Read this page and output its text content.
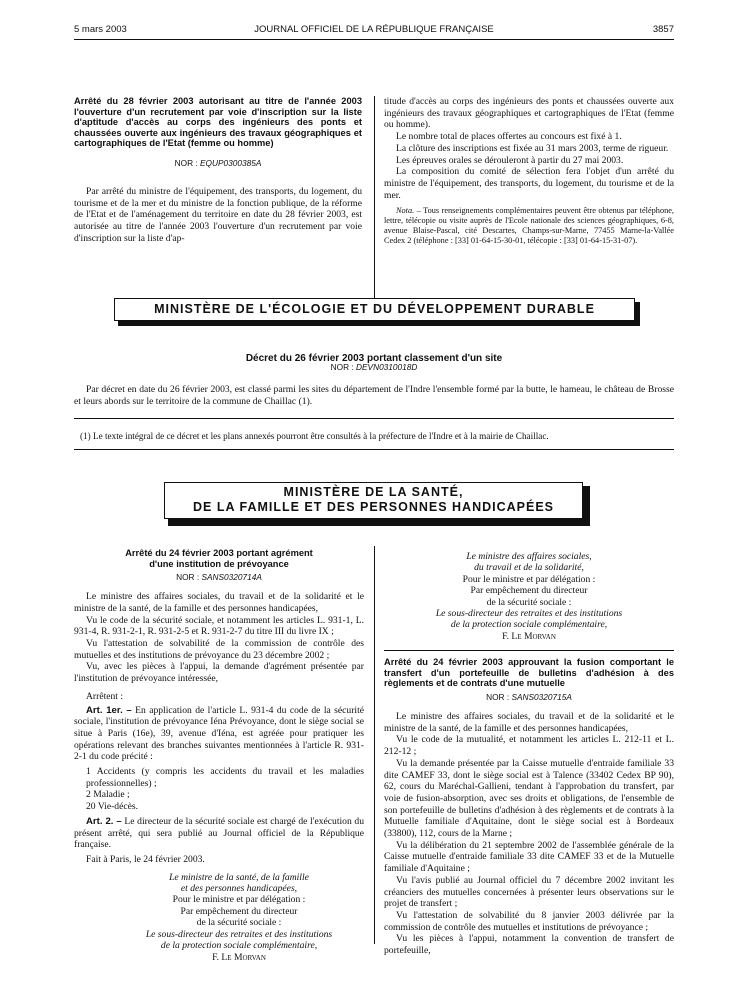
5 mars 2003	JOURNAL OFFICIEL DE LA RÉPUBLIQUE FRANÇAISE	3857

Arrêté du 28 février 2003 autorisant au titre de l'année 2003 l'ouverture d'un recrutement par voie d'inscription sur la liste d'aptitude d'accès au corps des ingénieurs des ponts et chaussées ouverte aux ingénieurs des travaux géographiques et cartographiques de l'Etat (femme ou homme)

NOR : EQUP0300385A

Par arrêté du ministre de l'équipement, des transports, du logement, du tourisme et de la mer et du ministre de la fonction publique, de la réforme de l'Etat et de l'aménagement du territoire en date du 28 février 2003, est autorisée au titre de l'année 2003 l'ouverture d'un recrutement par voie d'inscription sur la liste d'ap-

titude d'accès au corps des ingénieurs des ponts et chaussées ouverte aux ingénieurs des travaux géographiques et cartographiques de l'Etat (femme ou homme).

Le nombre total de places offertes au concours est fixé à 1.

La clôture des inscriptions est fixée au 31 mars 2003, terme de rigueur.

Les épreuves orales se dérouleront à partir du 27 mai 2003.

La composition du comité de sélection fera l'objet d'un arrêté du ministre de l'équipement, des transports, du logement, du tourisme et de la mer.

Nota. – Tous renseignements complémentaires peuvent être obtenus par téléphone, lettre, télécopie ou visite auprès de l'Ecole nationale des sciences géographiques, 6-8, avenue Blaise-Pascal, cité Descartes, Champs-sur-Marne, 77455 Marne-la-Vallée Cedex 2 (téléphone : [33] 01-64-15-30-01, télécopie : [33] 01-64-15-31-07).

MINISTÈRE DE L'ÉCOLOGIE ET DU DÉVELOPPEMENT DURABLE
Décret du 26 février 2003 portant classement d'un site
NOR : DEVN0310018D
Par décret en date du 26 février 2003, est classé parmi les sites du département de l'Indre l'ensemble formé par la butte, le hameau, le château de Brosse et leurs abords sur le territoire de la commune de Chaillac (1).
(1) Le texte intégral de ce décret et les plans annexés pourront être consultés à la préfecture de l'Indre et à la mairie de Chaillac.
MINISTÈRE DE LA SANTÉ,
DE LA FAMILLE ET DES PERSONNES HANDICAPÉES

Arrêté du 24 février 2003 portant agrément d'une institution de prévoyance

NOR : SANS0320714A

Le ministre des affaires sociales, du travail et de la solidarité et le ministre de la santé, de la famille et des personnes handicapées,

Vu le code de la sécurité sociale, et notamment les articles L. 931-1, L. 931-4, R. 931-2-1, R. 931-2-5 et R. 931-2-7 du titre III du livre IX ;

Vu l'attestation de solvabilité de la commission de contrôle des mutuelles et des institutions de prévoyance du 23 décembre 2002 ;

Vu, avec les pièces à l'appui, la demande d'agrément présentée par l'institution de prévoyance intéressée,

Arrêtent :

Art. 1er. – En application de l'article L. 931-4 du code de la sécurité sociale, l'institution de prévoyance Iéna Prévoyance, dont le siège social se situe à Paris (16e), 39, avenue d'Iéna, est agréée pour pratiquer les opérations relevant des branches suivantes mentionnées à l'article R. 931-2-1 du code précité :

1 Accidents (y compris les accidents du travail et les maladies professionnelles) ;

2 Maladie ;

20 Vie-décès.

Art. 2. – Le directeur de la sécurité sociale est chargé de l'exécution du présent arrêté, qui sera publié au Journal officiel de la République française.

Fait à Paris, le 24 février 2003.

Le ministre de la santé, de la famille
et des personnes handicapées,
Pour le ministre et par délégation :
Par empêchement du directeur
de la sécurité sociale :
Le sous-directeur des retraites et des institutions
de la protection sociale complémentaire,
F. Le Morvan
Le ministre des affaires sociales,
du travail et de la solidarité,
Pour le ministre et par délégation :
Par empêchement du directeur
de la sécurité sociale :
Le sous-directeur des retraites et des institutions
de la protection sociale complémentaire,
F. Le Morvan

Arrêté du 24 février 2003 approuvant la fusion comportant le transfert d'un portefeuille de bulletins d'adhésion à des règlements et de contrats d'une mutuelle

NOR : SANS0320715A

Le ministre des affaires sociales, du travail et de la solidarité et le ministre de la santé, de la famille et des personnes handicapées,

Vu le code de la mutualité, et notamment les articles L. 212-11 et L. 212-12 ;

Vu la demande présentée par la Caisse mutuelle d'entraide familiale 33 dite CAMEF 33, dont le siège social est à Talence (33402 Cedex BP 90), 62, cours du Maréchal-Gallieni, tendant à l'approbation du transfert, par voie de fusion-absorption, avec ses droits et obligations, de l'ensemble de son portefeuille de bulletins d'adhésion à des règlements et de contrats à la Mutuelle familiale d'Aquitaine, dont le siège social est à Bordeaux (33800), 112, cours de la Marne ;

Vu la délibération du 21 septembre 2002 de l'assemblée générale de la Caisse mutuelle d'entraide familiale 33 dite CAMEF 33 et de la Mutuelle familiale d'Aquitaine ;

Vu l'avis publié au Journal officiel du 7 décembre 2002 invitant les créanciers des mutuelles concernées à présenter leurs observations sur le projet de transfert ;

Vu l'attestation de solvabilité du 8 janvier 2003 délivrée par la commission de contrôle des mutuelles et institutions de prévoyance ;

Vu les pièces à l'appui, notamment la convention de transfert de portefeuille,
